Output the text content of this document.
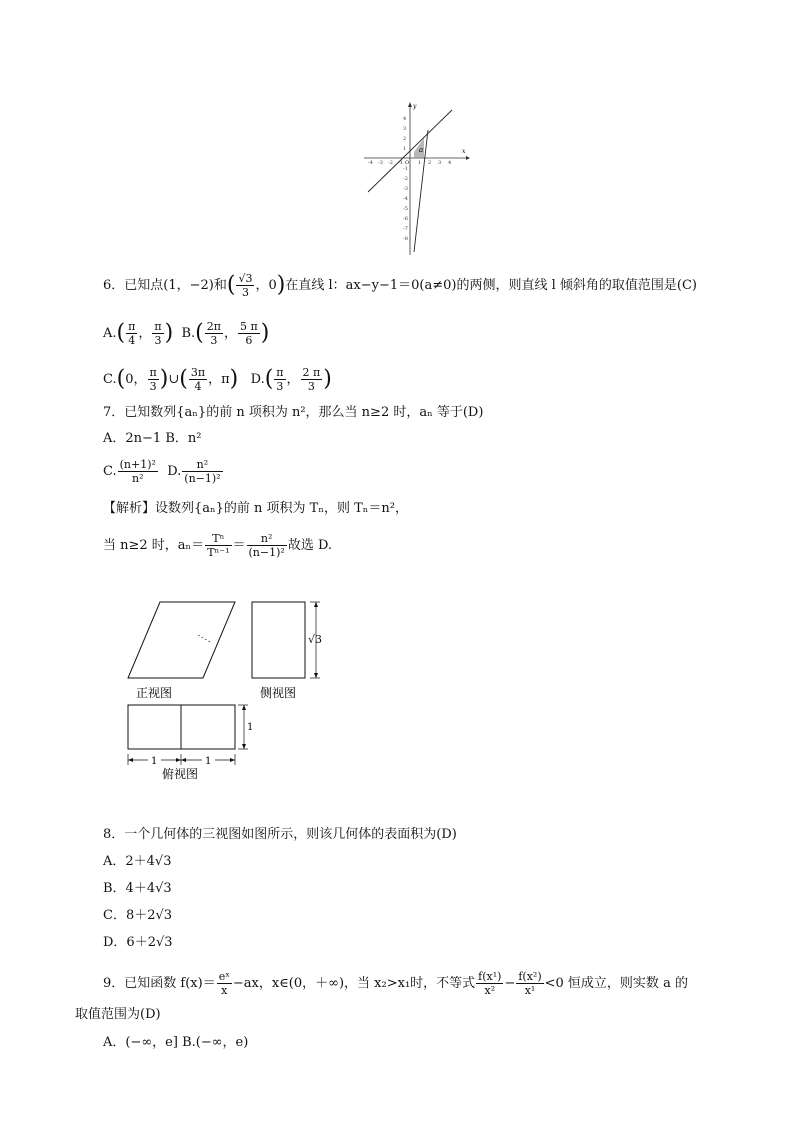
-4 -3 -2 -1	1 2 3 4
4
3
2
1
-1
-2
-3
-4
-5
-6
-7
-8
O
x
y
a
6．已知点(1，−2)和( $\frac{√3}{3}$ ，0)在直线 l：ax−y−1＝0(a≠0)的两侧，则直线 l 倾斜角的取值范围是(C)
$A.( \frac{\pi}{4}$ ， $\frac{\pi}{3}$ ) $B.( \frac{2\pi}{3}$ ， $\frac{5 \pi}{6}$ )
C.(0， $\frac{\pi}{3}$ )∪( $\frac{3\pi}{4}$ ，π) $D.( \frac{\pi}{3}$ ， $\frac{2 \pi}{3}$ )
7．已知数列{aₙ}的前 n 项积为 n²，那么当 n≥2 时，aₙ 等于(D)
A．2n−1 B．n²
C. $\frac{\text{(n+1)²}}{\text{n²}} D$. $\frac{\text{n²}}{\text{(n−1)²}}$
【解析】设数列{aₙ}的前 n 项积为 Tₙ，则 Tₙ＝n²，
当 n≥2 时，$a_n= \frac{\text{Tⁿ}}{\text{Tⁿ⁻¹}} = \frac{\text{n²}}{\text{(n−1)²}}$ 故选 D.
正视图
√3
侧视图
1
1	1
俯视图
8．一个几何体的三视图如图所示，则该几何体的表面积为(D)
A．2＋4√3
B．4＋4√3
C．8＋2√3
D．6＋2√3
9．已知函数 $f(x)= \frac{\text{eˣ}}{x} -ax$，x∈(0，＋∞)，当 x₂>x₁时，不等式 $\frac{\text{f(x¹)}}{\text{x²}} - \frac{\text{f(x²)}}{\text{x¹}} <0$ 恒成立，则实数 a 的
取值范围为(D)
A．(−∞，e] B.(−∞，e)
